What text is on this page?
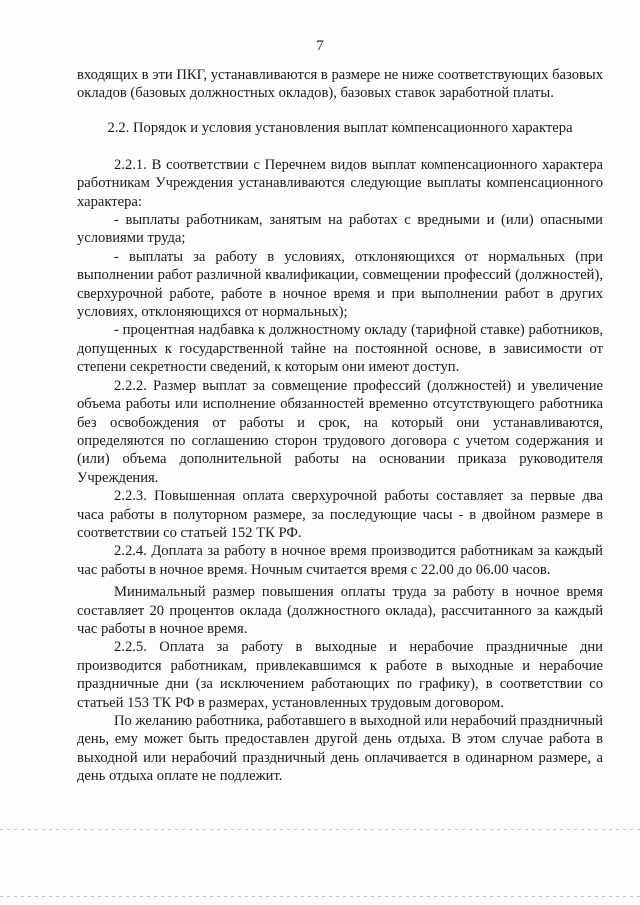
7

входящих в эти ПКГ, устанавливаются в размере не ниже соответствующих базовых окладов (базовых должностных окладов), базовых ставок заработной платы.

2.2. Порядок и условия установления выплат компенсационного характера

2.2.1. В соответствии с Перечнем видов выплат компенсационного характера работникам Учреждения устанавливаются следующие выплаты компенсационного характера:

- выплаты работникам, занятым на работах с вредными и (или) опасными условиями труда;

- выплаты за работу в условиях, отклоняющихся от нормальных (при выполнении работ различной квалификации, совмещении профессий (должностей), сверхурочной работе, работе в ночное время и при выполнении работ в других условиях, отклоняющихся от нормальных);

- процентная надбавка к должностному окладу (тарифной ставке) работников, допущенных к государственной тайне на постоянной основе, в зависимости от степени секретности сведений, к которым они имеют доступ.

2.2.2. Размер выплат за совмещение профессий (должностей) и увеличение объема работы или исполнение обязанностей временно отсутствующего работника без освобождения от работы и срок, на который они устанавливаются, определяются по соглашению сторон трудового договора с учетом содержания и (или) объема дополнительной работы на основании приказа руководителя Учреждения.

2.2.3. Повышенная оплата сверхурочной работы составляет за первые два часа работы в полуторном размере, за последующие часы - в двойном размере в соответствии со статьей 152 ТК РФ.

2.2.4. Доплата за работу в ночное время производится работникам за каждый час работы в ночное время. Ночным считается время с 22.00 до 06.00 часов.

Минимальный размер повышения оплаты труда за работу в ночное время составляет 20 процентов оклада (должностного оклада), рассчитанного за каждый час работы в ночное время.

2.2.5. Оплата за работу в выходные и нерабочие праздничные дни производится работникам, привлекавшимся к работе в выходные и нерабочие праздничные дни (за исключением работающих по графику), в соответствии со статьей 153 ТК РФ в размерах, установленных трудовым договором.

По желанию работника, работавшего в выходной или нерабочий праздничный день, ему может быть предоставлен другой день отдыха. В этом случае работа в выходной или нерабочий праздничный день оплачивается в одинарном размере, а день отдыха оплате не подлежит.
